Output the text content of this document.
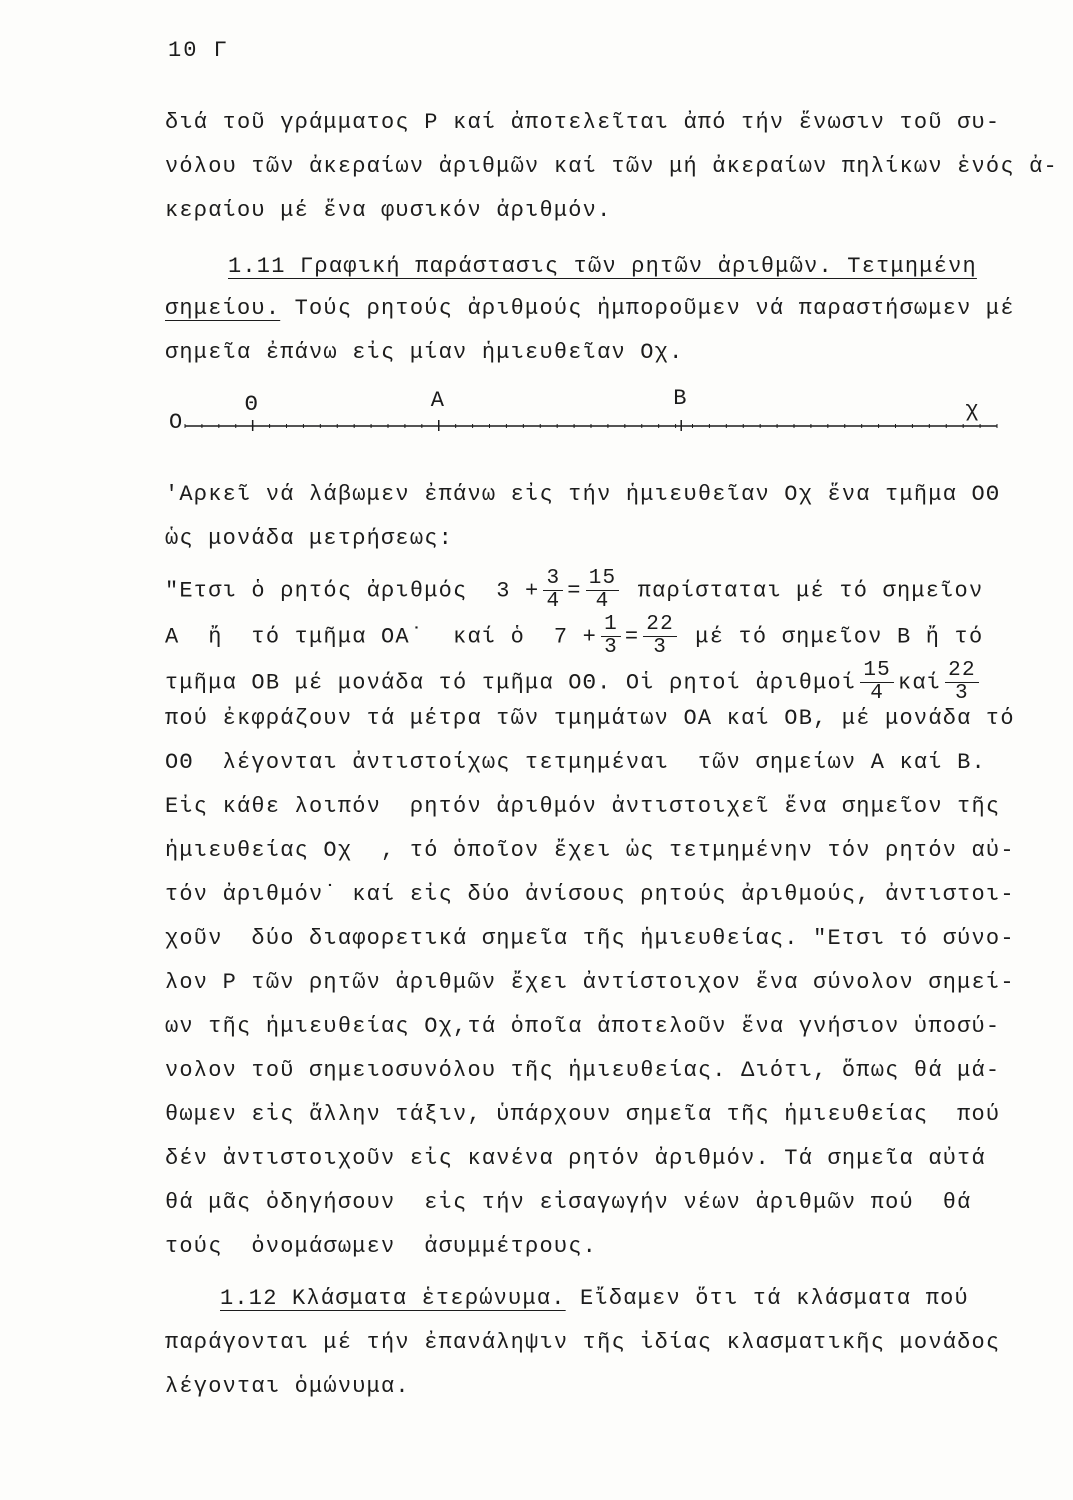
10 Γ
διά τοῦ γράμματος Ρ καί ἀποτελεῖται ἀπό τήν ἕνωσιν τοῦ συ-
νόλου τῶν ἀκεραίων ἀριθμῶν καί τῶν μή ἀκεραίων πηλίκων ἑνός ἀ-
κεραίου μέ ἕνα φυσικόν ἀριθμόν.
1.11 Γραφική παράστασις τῶν ρητῶν ἀριθμῶν. Τετμημένη
σημείου. Τούς ρητούς ἀριθμούς ἠμποροῦμεν νά παραστήσωμεν μέ
σημεῖα ἐπάνω εἰς μίαν ἡμιευθεῖαν Οχ.
Ο
Θ	Α	Β	χ
'Αρκεῖ νά λάβωμεν ἐπάνω εἰς τήν ἡμιευθεῖαν Οχ ἕνα τμῆμα ΟΘ
ὡς μονάδα μετρήσεως:
"Ετσι ὁ ρητός ἀριθμός  $3 + \frac{3}{4} = \frac{15}{4}$ παρίσταται μέ τό σημεῖον
Α  ἤ  τό τμῆμα ΟΑ˙  καί ὁ  $7 + \frac{1}{3} = \frac{22}{3}$ μέ τό σημεῖον Β ἤ τό
τμῆμα ΟΒ μέ μονάδα τό τμῆμα ΟΘ. Οἱ ρητοί ἀριθμοί $\frac{15}{4}$ καί $\frac{22}{3}$
πού ἐκφράζουν τά μέτρα τῶν τμημάτων ΟΑ καί ΟΒ, μέ μονάδα τό
ΟΘ  λέγονται ἀντιστοίχως τετμημέναι  τῶν σημείων Α καί Β.
Εἰς κάθε λοιπόν  ρητόν ἀριθμόν ἀντιστοιχεῖ ἕνα σημεῖον τῆς
ἡμιευθείας Οχ  , τό ὁποῖον ἔχει ὡς τετμημένην τόν ρητόν αὐ-
τόν ἀριθμόν˙ καί εἰς δύο ἀνίσους ρητούς ἀριθμούς, ἀντιστοι-
χοῦν  δύο διαφορετικά σημεῖα τῆς ἡμιευθείας. "Ετσι τό σύνο-
λον Ρ τῶν ρητῶν ἀριθμῶν ἔχει ἀντίστοιχον ἕνα σύνολον σημεί-
ων τῆς ἡμιευθείας Οχ,τά ὁποῖα ἀποτελοῦν ἕνα γνήσιον ὑποσύ-
νολον τοῦ σημειοσυνόλου τῆς ἡμιευθείας. Διότι, ὅπως θά μά-
θωμεν εἰς ἄλλην τάξιν, ὑπάρχουν σημεῖα τῆς ἡμιευθείας  πού
δέν ἀντιστοιχοῦν εἰς κανένα ρητόν ἀριθμόν. Τά σημεῖα αὐτά
θά μᾶς ὁδηγήσουν  εἰς τήν εἰσαγωγήν νέων ἀριθμῶν πού  θά
τούς  ὀνομάσωμεν  ἀσυμμέτρους.
1.12 Κλάσματα ἑτερώνυμα. Εἴδαμεν ὅτι τά κλάσματα πού
παράγονται μέ τήν ἐπανάληψιν τῆς ἰδίας κλασματικῆς μονάδος
λέγονται ὁμώνυμα.
